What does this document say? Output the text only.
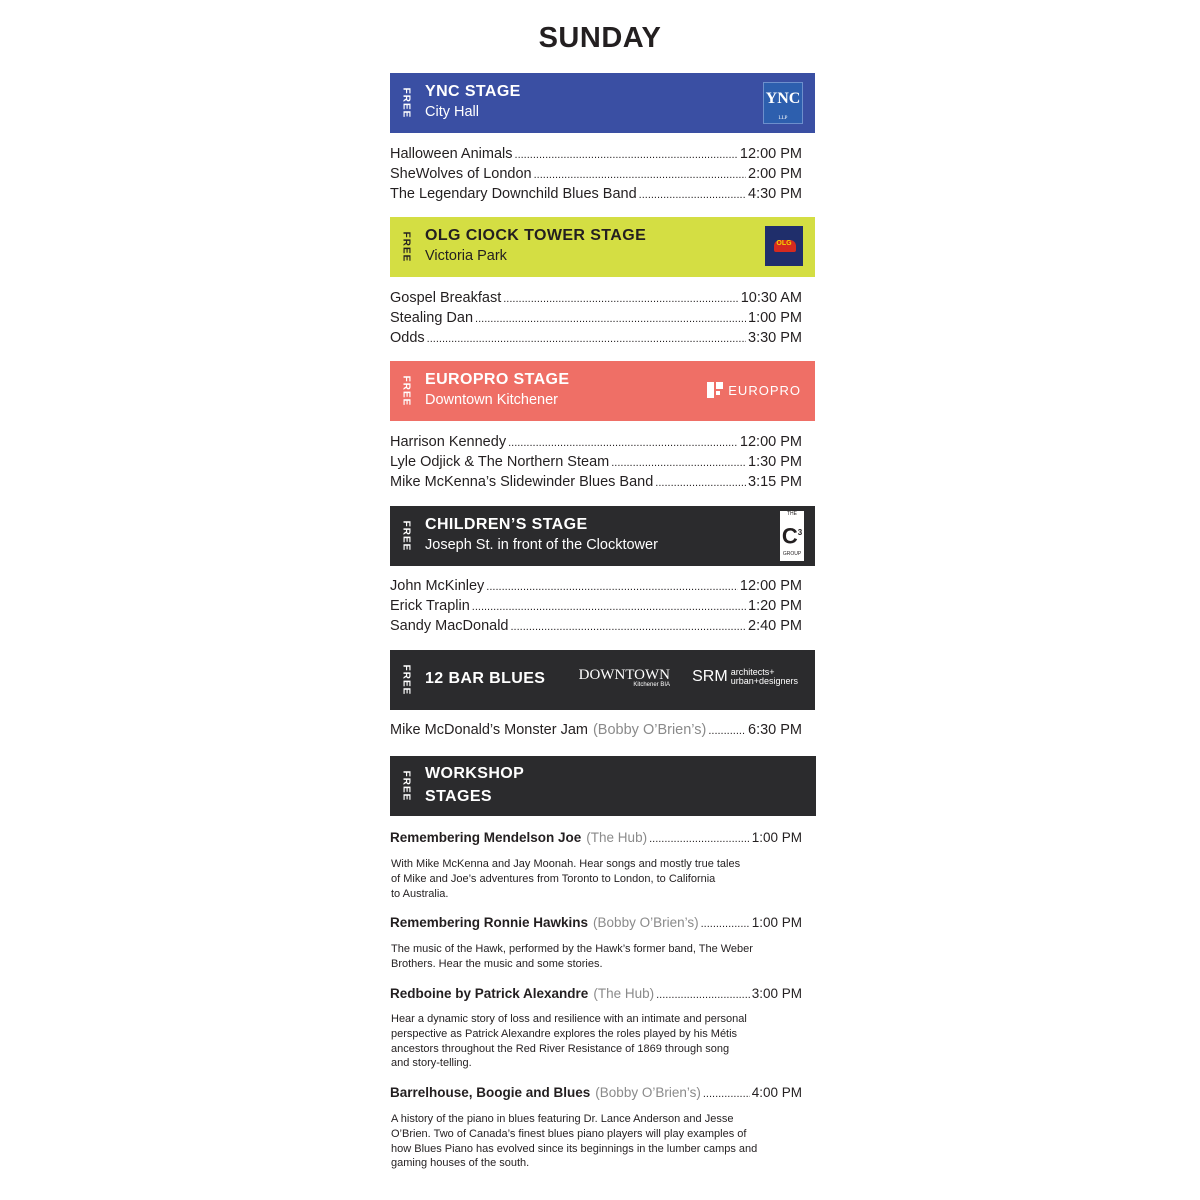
SUNDAY
FREE YNC STAGE
City Hall
YNC
LLP
Halloween Animals .....	12:00 PM
SheWolves of London .....	2:00 PM
The Legendary Downchild Blues Band .....	4:30 PM
FREE OLG CIOCK TOWER STAGE
Victoria Park
OLG
Gospel Breakfast .....	10:30 AM
Stealing Dan .....	1:00 PM
Odds .....	3:30 PM
FREE EUROPRO STAGE
Downtown Kitchener
EUROPRO
Harrison Kennedy .....	12:00 PM
Lyle Odjick & The Northern Steam .....	1:30 PM
Mike McKenna’s Slidewinder Blues Band .....	3:15 PM
FREE CHILDREN’S STAGE
Joseph St. in front of the Clocktower
THE
$C^3$
GROUP
John McKinley .....	12:00 PM
Erick Traplin .....	1:20 PM
Sandy MacDonald .....	2:40 PM
FREE 12 BAR BLUES DOWNTOWN
Kitchener BIA SRM architects+
urban+designers
Mike McDonald’s Monster Jam (Bobby O’Brien’s) .....	6:30 PM
FREE WORKSHOP
STAGES
Remembering Mendelson Joe (The Hub) .....	1:00 PM
With Mike McKenna and Jay Moonah. Hear songs and mostly true tales
of Mike and Joe’s adventures from Toronto to London, to California
to Australia.
Remembering Ronnie Hawkins (Bobby O’Brien’s) .....	1:00 PM
The music of the Hawk, performed by the Hawk’s former band, The Weber
Brothers. Hear the music and some stories.
Redboine by Patrick Alexandre (The Hub) .....	3:00 PM
Hear a dynamic story of loss and resilience with an intimate and personal
perspective as Patrick Alexandre explores the roles played by his Métis
ancestors throughout the Red River Resistance of 1869 through song
and story-telling.
Barrelhouse, Boogie and Blues (Bobby O’Brien’s) .....	4:00 PM
A history of the piano in blues featuring Dr. Lance Anderson and Jesse
O’Brien. Two of Canada’s finest blues piano players will play examples of
how Blues Piano has evolved since its beginnings in the lumber camps and
gaming houses of the south.
